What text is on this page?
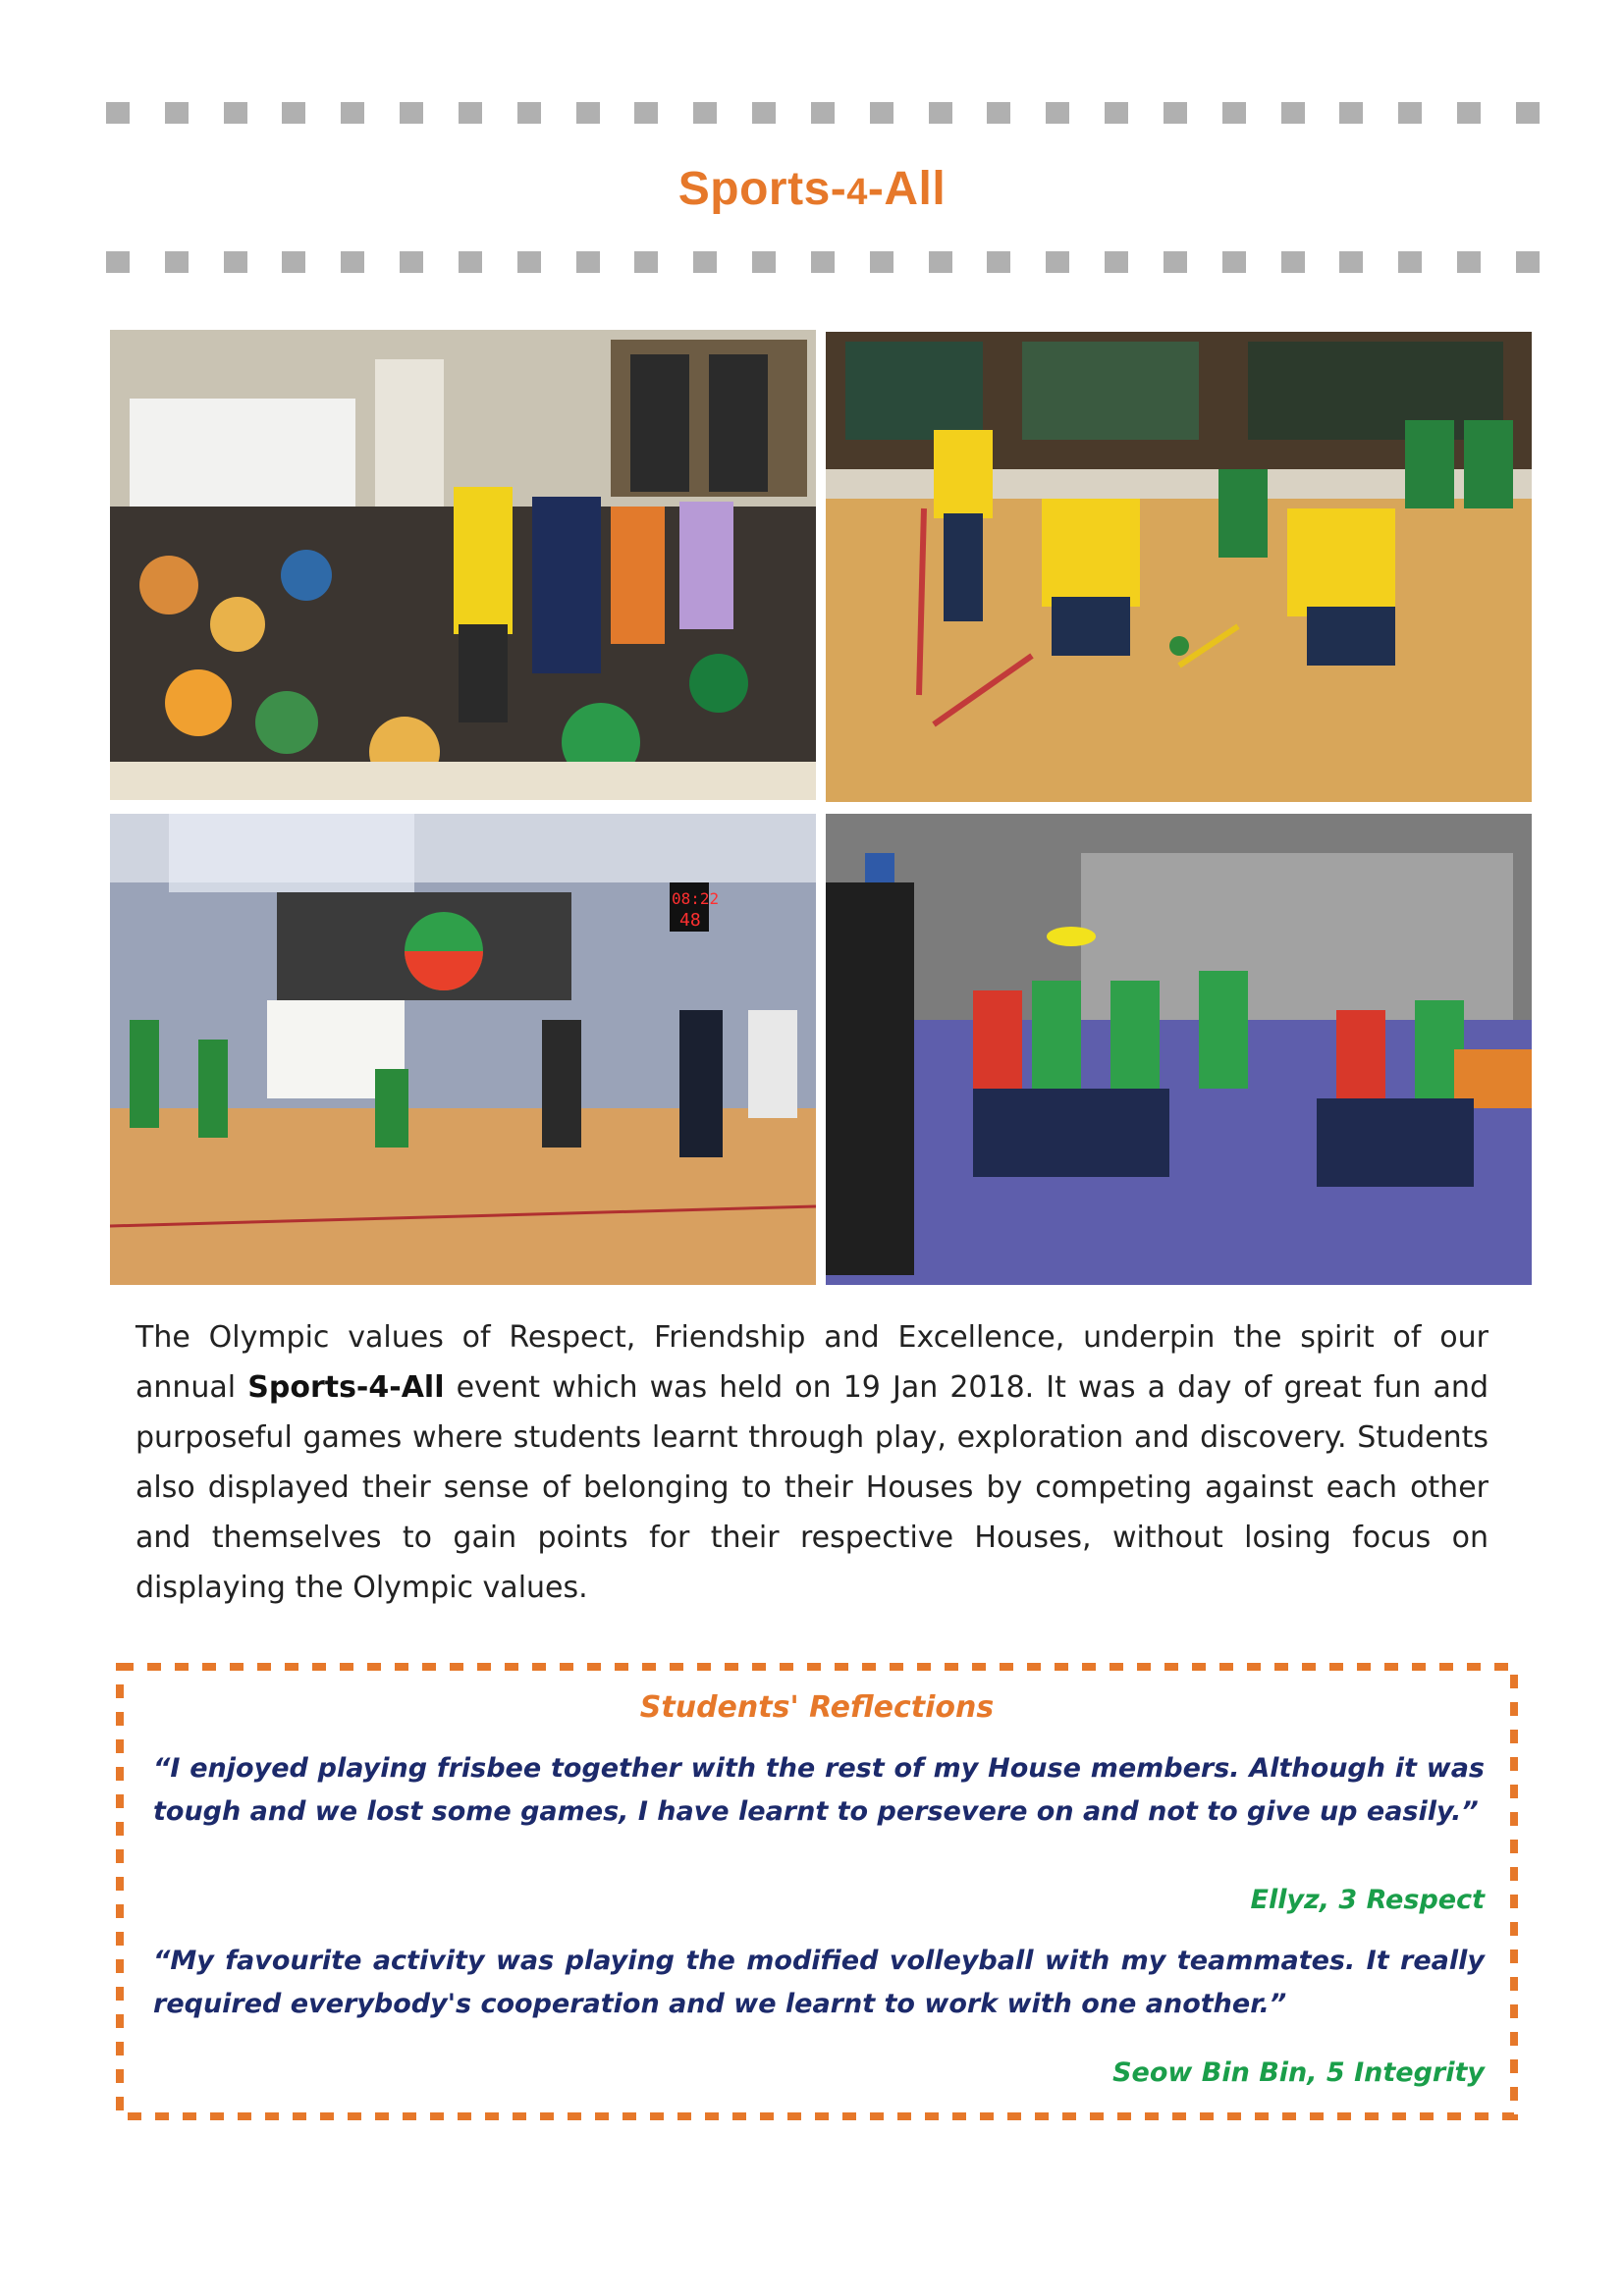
Sports-4-All
08:22
48
The Olympic values of Respect, Friendship and Excellence, underpin the spirit of our annual Sports-4-All event which was held on 19 Jan 2018. It was a day of great fun and purposeful games where students learnt through play, exploration and discovery. Students also displayed their sense of belonging to their Houses by competing against each other and themselves to gain points for their respective Houses, without losing focus on displaying the Olympic values.
Students' Reflections
“I enjoyed playing frisbee together with the rest of my House members. Although it was tough and we lost some games, I have learnt to persevere on and not to give up easily.”
Ellyz, 3 Respect
“My favourite activity was playing the modified volleyball with my teammates. It really required everybody's cooperation and we learnt to work with one another.”
Seow Bin Bin, 5 Integrity
